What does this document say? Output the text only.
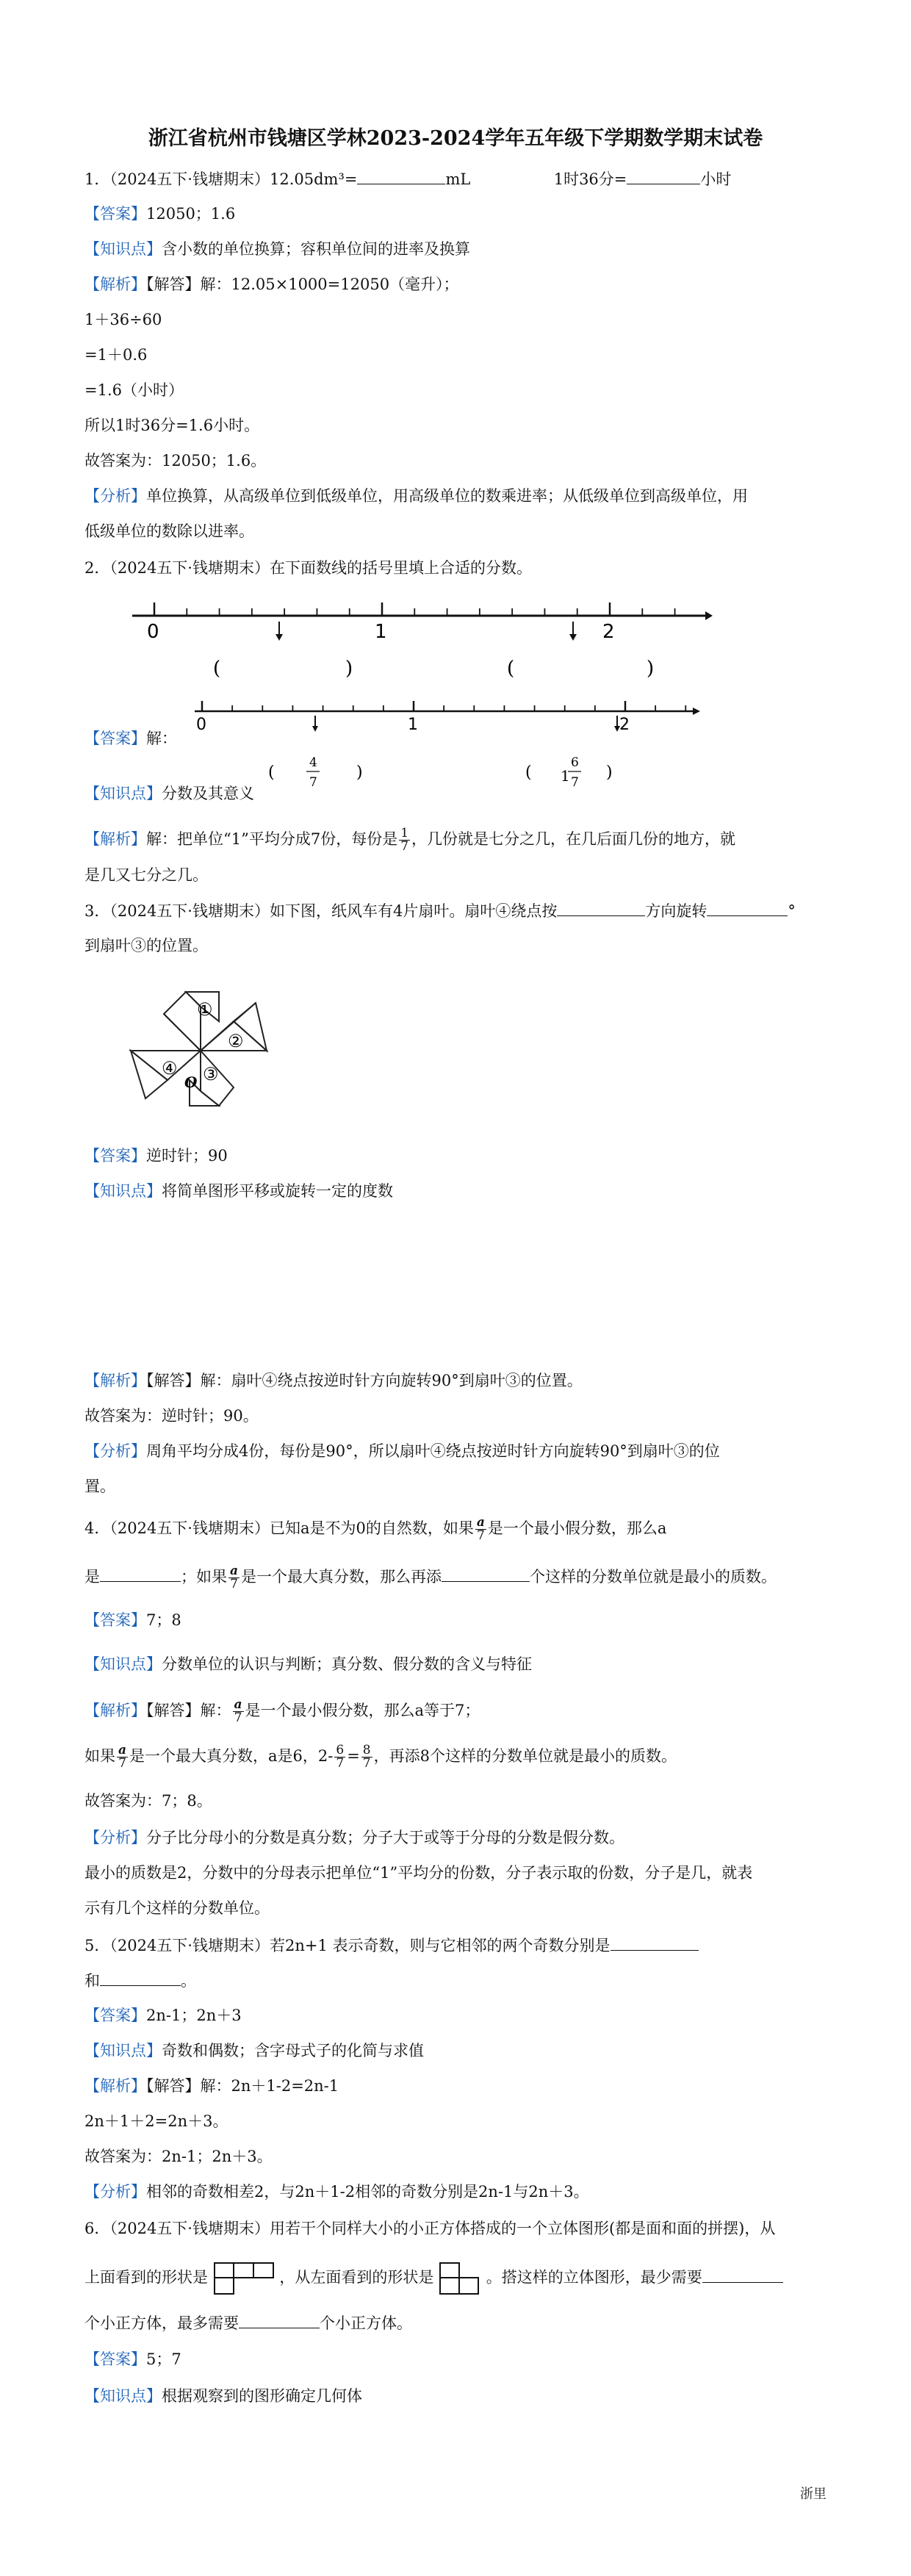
浙江省杭州市钱塘区学林2023-2024学年五年级下学期数学期末试卷
1．（2024五下·钱塘期末）12.05dm³=	mL	1时36分=	小时
【答案】12050；1.6
【知识点】含小数的单位换算；容积单位间的进率及换算
【解析】【解答】解：12.05×1000=12050（毫升）；
1＋36÷60
=1＋0.6
=1.6（小时）
所以1时36分=1.6小时。
故答案为：12050；1.6。
【分析】单位换算，从高级单位到低级单位，用高级单位的数乘进率；从低级单位到高级单位，用
低级单位的数除以进率。
2．（2024五下·钱塘期末）在下面数线的括号里填上合适的分数。
0	1	2
(	)	(	)
【答案】解：
0	1	2
(
4
7
)	( 1
6
7
)
【知识点】分数及其意义
【解析】解：把单位“1”平均分成7份，每份是 $\frac{1}{7}$ ，几份就是七分之几，在几后面几份的地方，就
是几又七分之几。
3．（2024五下·钱塘期末）如下图，纸风车有4片扇叶。扇叶④绕点按	方向旋转	°
到扇叶③的位置。
①
②
③
④
O
【答案】逆时针；90
【知识点】将简单图形平移或旋转一定的度数
【解析】【解答】解：扇叶④绕点按逆时针方向旋转90°到扇叶③的位置。
故答案为：逆时针；90。
【分析】周角平均分成4份，每份是90°，所以扇叶④绕点按逆时针方向旋转90°到扇叶③的位
置。
4．（2024五下·钱塘期末）已知a是不为0的自然数，如果 $\frac{a}{7}$ 是一个最小假分数，那么a
是	；如果 $\frac{a}{7}$ 是一个最大真分数，那么再添	个这样的分数单位就是最小的质数。
【答案】7；8
【知识点】分数单位的认识与判断；真分数、假分数的含义与特征
【解析】【解答】解： $\frac{a}{7}$ 是一个最小假分数，那么a等于7；
如果 $\frac{a}{7}$ 是一个最大真分数，a是6，$2- \frac{6}{7} = \frac{8}{7}$ ，再添8个这样的分数单位就是最小的质数。
故答案为：7；8。
【分析】分子比分母小的分数是真分数；分子大于或等于分母的分数是假分数。
最小的质数是2，分数中的分母表示把单位“1”平均分的份数，分子表示取的份数，分子是几，就表
示有几个这样的分数单位。
5．（2024五下·钱塘期末）若2n+1 表示奇数，则与它相邻的两个奇数分别是
和	。
【答案】2n-1；2n＋3
【知识点】奇数和偶数；含字母式子的化简与求值
【解析】【解答】解：2n＋1-2=2n-1
2n＋1＋2=2n＋3。
故答案为：2n-1；2n＋3。
【分析】相邻的奇数相差2，与2n＋1-2相邻的奇数分别是2n-1与2n＋3。
6．（2024五下·钱塘期末）用若干个同样大小的小正方体搭成的一个立体图形(都是面和面的拼摆)，从
上面看到的形状是	，从左面看到的形状是	。搭这样的立体图形，最少需要
个小正方体，最多需要	个小正方体。
【答案】5；7
【知识点】根据观察到的图形确定几何体
浙里
